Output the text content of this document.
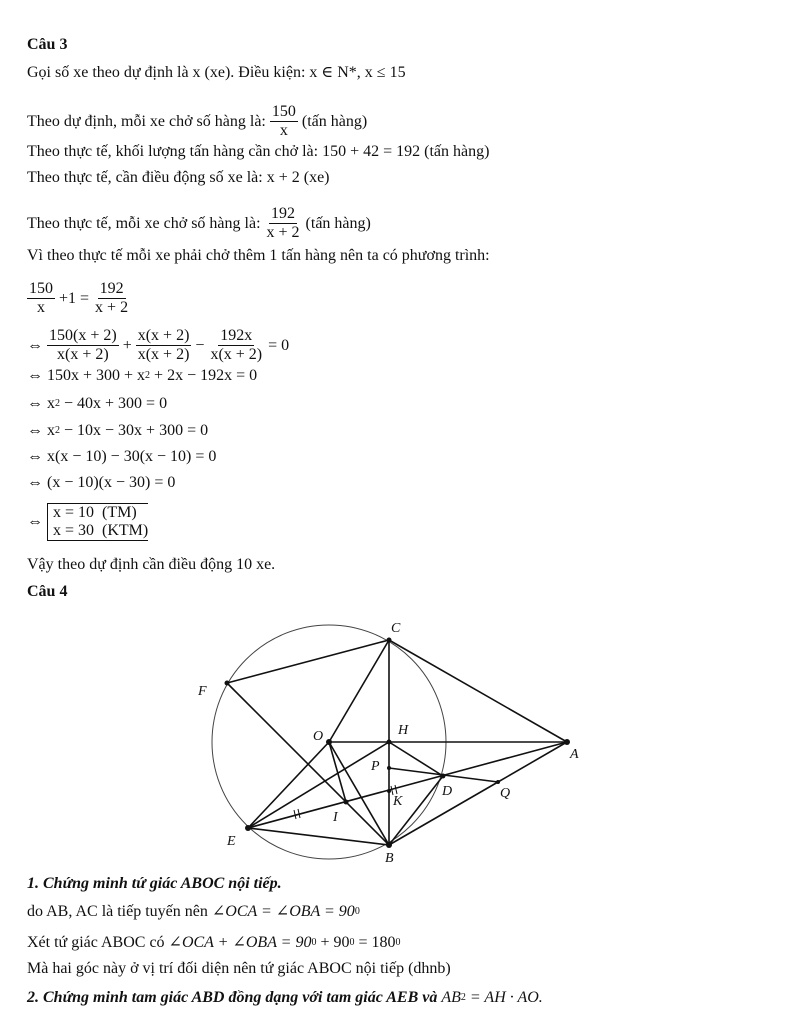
Câu 3
Gọi số xe theo dự định là x (xe). Điều kiện: x ∈ N*, x ≤ 15
Theo dự định, mỗi xe chở số hàng là: $\frac{150}{x}$ (tấn hàng)
Theo thực tế, khối lượng tấn hàng cần chở là: 150 + 42 = 192 (tấn hàng)
Theo thực tế, cần điều động số xe là: x + 2 (xe)
Theo thực tế, mỗi xe chở số hàng là: $\frac{192}{x + 2}$ (tấn hàng)
Vì theo thực tế mỗi xe phải chở thêm 1 tấn hàng nên ta có phương trình:
$\frac{150}{x} +1 = \frac{192}{x + 2}$
⇔ $\frac{150(x + 2)}{x(x + 2)} + \frac{x(x + 2)}{x(x + 2)} - \frac{192x}{x(x + 2)} = 0$
⇔ 150x + 300 + x 2 + 2x − 192x = 0
⇔ x 2 − 40x + 300 = 0
⇔ x 2 − 10x − 30x + 300 = 0
⇔ x(x − 10) − 30(x − 10) = 0
⇔ (x − 10)(x − 30) = 0
⇔
x = 10  (TM)
x = 30  (KTM)
Vậy theo dự định cần điều động 10 xe.
Câu 4
C
F
O	H
A
P
D	Q
K
I
E
B
1. Chứng minh tứ giác ABOC nội tiếp.
do AB, AC là tiếp tuyến nên ∠OCA = ∠OBA = 90 0
Xét tứ giác ABOC có ∠OCA + ∠OBA = 90 0 + 90 0 = 180 0
Mà hai góc này ở vị trí đối diện nên tứ giác ABOC nội tiếp (dhnb)
2. Chứng minh tam giác ABD đồng dạng với tam giác AEB và AB 2 = AH · AO.
